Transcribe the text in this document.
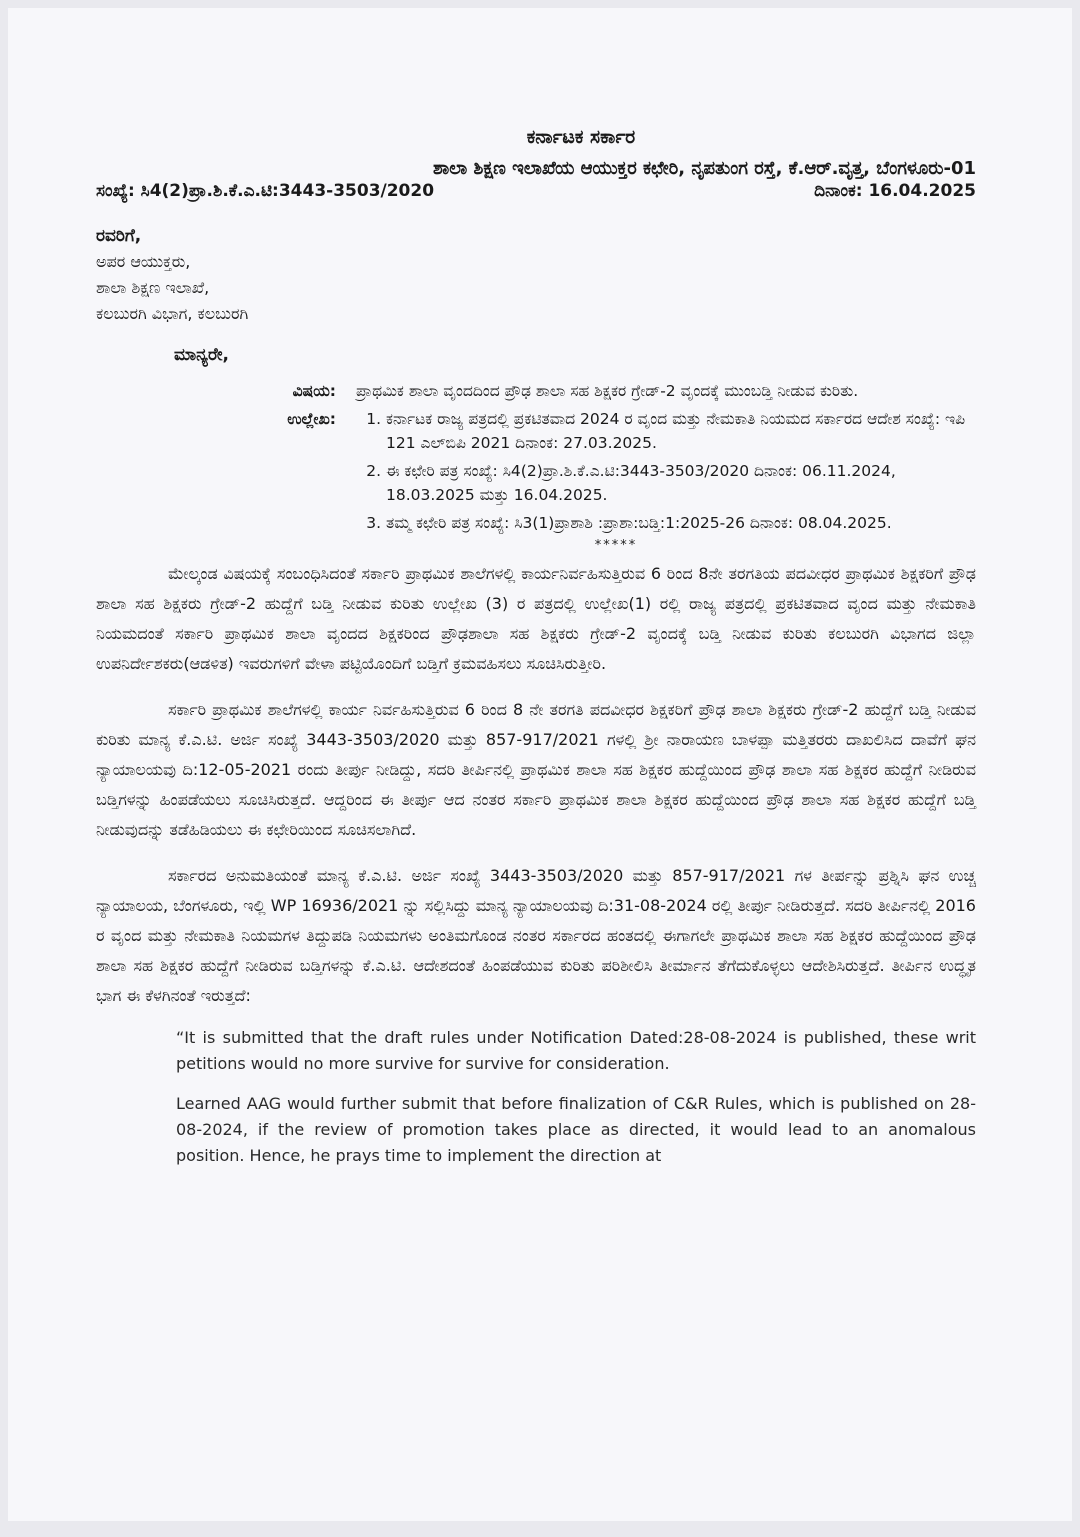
ಕರ್ನಾಟಕ ಸರ್ಕಾರ
ಶಾಲಾ ಶಿಕ್ಷಣ ಇಲಾಖೆಯ ಆಯುಕ್ತರ ಕಛೇರಿ, ನೃಪತುಂಗ ರಸ್ತೆ, ಕೆ.ಆರ್.ವೃತ್ತ, ಬೆಂಗಳೂರು-01
ಸಂಖ್ಯೆ: ಸಿ4(2)ಪ್ರಾ.ಶಿ.ಕೆ.ಎ.ಟಿ:3443-3503/2020	ದಿನಾಂಕ: 16.04.2025
ರವರಿಗೆ,
ಅಪರ ಆಯುಕ್ತರು,
ಶಾಲಾ ಶಿಕ್ಷಣ ಇಲಾಖೆ,
ಕಲಬುರಗಿ ವಿಭಾಗ, ಕಲಬುರಗಿ
ಮಾನ್ಯರೇ,
ವಿಷಯ:	ಪ್ರಾಥಮಿಕ ಶಾಲಾ ವೃಂದದಿಂದ ಪ್ರೌಢ ಶಾಲಾ ಸಹ ಶಿಕ್ಷಕರ ಗ್ರೇಡ್-2 ವೃಂದಕ್ಕೆ ಮುಂಬಡ್ತಿ ನೀಡುವ ಕುರಿತು.
ಉಲ್ಲೇಖ:
1.	ಕರ್ನಾಟಕ ರಾಜ್ಯ ಪತ್ರದಲ್ಲಿ ಪ್ರಕಟಿತವಾದ 2024 ರ ವೃಂದ ಮತ್ತು ನೇಮಕಾತಿ ನಿಯಮದ ಸರ್ಕಾರದ ಆದೇಶ ಸಂಖ್ಯೆ: ಇಪಿ 121 ಎಲ್‌ಬಿಪಿ 2021 ದಿನಾಂಕ: 27.03.2025.
2. ಈ ಕಛೇರಿ ಪತ್ರ ಸಂಖ್ಯೆ: ಸಿ4(2)ಪ್ರಾ.ಶಿ.ಕೆ.ಎ.ಟಿ:3443-3503/2020 ದಿನಾಂಕ: 06.11.2024, 18.03.2025 ಮತ್ತು 16.04.2025.
3. ತಮ್ಮ ಕಛೇರಿ ಪತ್ರ ಸಂಖ್ಯೆ: ಸಿ3(1)ಪ್ರಾಶಾಶಿ :ಪ್ರಾಶಾ:ಬಡ್ತಿ:1:2025-26 ದಿನಾಂಕ: 08.04.2025.
*****

ಮೇಲ್ಕಂಡ ವಿಷಯಕ್ಕೆ ಸಂಬಂಧಿಸಿದಂತೆ ಸರ್ಕಾರಿ ಪ್ರಾಥಮಿಕ ಶಾಲೆಗಳಲ್ಲಿ ಕಾರ್ಯನಿರ್ವಹಿಸುತ್ತಿರುವ 6 ರಿಂದ 8ನೇ ತರಗತಿಯ ಪದವೀಧರ ಪ್ರಾಥಮಿಕ ಶಿಕ್ಷಕರಿಗೆ ಪ್ರೌಢ ಶಾಲಾ ಸಹ ಶಿಕ್ಷಕರು ಗ್ರೇಡ್-2 ಹುದ್ದೆಗೆ ಬಡ್ತಿ ನೀಡುವ ಕುರಿತು ಉಲ್ಲೇಖ (3) ರ ಪತ್ರದಲ್ಲಿ ಉಲ್ಲೇಖ(1) ರಲ್ಲಿ ರಾಜ್ಯ ಪತ್ರದಲ್ಲಿ ಪ್ರಕಟಿತವಾದ ವೃಂದ ಮತ್ತು ನೇಮಕಾತಿ ನಿಯಮದಂತೆ ಸರ್ಕಾರಿ ಪ್ರಾಥಮಿಕ ಶಾಲಾ ವೃಂದದ ಶಿಕ್ಷಕರಿಂದ ಪ್ರೌಢಶಾಲಾ ಸಹ ಶಿಕ್ಷಕರು ಗ್ರೇಡ್-2 ವೃಂದಕ್ಕೆ ಬಡ್ತಿ ನೀಡುವ ಕುರಿತು ಕಲಬುರಗಿ ವಿಭಾಗದ ಜಿಲ್ಲಾ ಉಪನಿರ್ದೇಶಕರು(ಆಡಳಿತ) ಇವರುಗಳಿಗೆ ವೇಳಾ ಪಟ್ಟಿಯೊಂದಿಗೆ ಬಡ್ತಿಗೆ ಕ್ರಮವಹಿಸಲು ಸೂಚಿಸಿರುತ್ತೀರಿ.

ಸರ್ಕಾರಿ ಪ್ರಾಥಮಿಕ ಶಾಲೆಗಳಲ್ಲಿ ಕಾರ್ಯ ನಿರ್ವಹಿಸುತ್ತಿರುವ 6 ರಿಂದ 8 ನೇ ತರಗತಿ ಪದವೀಧರ ಶಿಕ್ಷಕರಿಗೆ ಪ್ರೌಢ ಶಾಲಾ ಶಿಕ್ಷಕರು ಗ್ರೇಡ್-2 ಹುದ್ದೆಗೆ ಬಡ್ತಿ ನೀಡುವ ಕುರಿತು ಮಾನ್ಯ ಕೆ.ಎ.ಟಿ. ಅರ್ಜಿ ಸಂಖ್ಯೆ 3443-3503/2020 ಮತ್ತು 857-917/2021 ಗಳಲ್ಲಿ ಶ್ರೀ ನಾರಾಯಣ ಬಾಳಪ್ಪಾ ಮತ್ತಿತರರು ದಾಖಲಿಸಿದ ದಾವೆಗೆ ಘನ ನ್ಯಾಯಾಲಯವು ದಿ:12-05-2021 ರಂದು ತೀರ್ಪು ನೀಡಿದ್ದು, ಸದರಿ ತೀರ್ಪಿನಲ್ಲಿ ಪ್ರಾಥಮಿಕ ಶಾಲಾ ಸಹ ಶಿಕ್ಷಕರ ಹುದ್ದೆಯಿಂದ ಪ್ರೌಢ ಶಾಲಾ ಸಹ ಶಿಕ್ಷಕರ ಹುದ್ದೆಗೆ ನೀಡಿರುವ ಬಡ್ತಿಗಳನ್ನು ಹಿಂಪಡೆಯಲು ಸೂಚಿಸಿರುತ್ತದೆ. ಆದ್ದರಿಂದ ಈ ತೀರ್ಪು ಆದ ನಂತರ ಸರ್ಕಾರಿ ಪ್ರಾಥಮಿಕ ಶಾಲಾ ಶಿಕ್ಷಕರ ಹುದ್ದೆಯಿಂದ ಪ್ರೌಢ ಶಾಲಾ ಸಹ ಶಿಕ್ಷಕರ ಹುದ್ದೆಗೆ ಬಡ್ತಿ ನೀಡುವುದನ್ನು ತಡೆಹಿಡಿಯಲು ಈ ಕಛೇರಿಯಿಂದ ಸೂಚಿಸಲಾಗಿದೆ.

ಸರ್ಕಾರದ ಅನುಮತಿಯಂತೆ ಮಾನ್ಯ ಕೆ.ಎ.ಟಿ. ಅರ್ಜಿ ಸಂಖ್ಯೆ 3443-3503/2020 ಮತ್ತು 857-917/2021 ಗಳ ತೀರ್ಪನ್ನು ಪ್ರಶ್ನಿಸಿ ಘನ ಉಚ್ಚ ನ್ಯಾಯಾಲಯ, ಬೆಂಗಳೂರು, ಇಲ್ಲಿ WP 16936/2021 ನ್ನು ಸಲ್ಲಿಸಿದ್ದು ಮಾನ್ಯ ನ್ಯಾಯಾಲಯವು ದಿ:31-08-2024 ರಲ್ಲಿ ತೀರ್ಪು ನೀಡಿರುತ್ತದೆ. ಸದರಿ ತೀರ್ಪಿನಲ್ಲಿ 2016 ರ ವೃಂದ ಮತ್ತು ನೇಮಕಾತಿ ನಿಯಮಗಳ ತಿದ್ದುಪಡಿ ನಿಯಮಗಳು ಅಂತಿಮಗೊಂಡ ನಂತರ ಸರ್ಕಾರದ ಹಂತದಲ್ಲಿ ಈಗಾಗಲೇ ಪ್ರಾಥಮಿಕ ಶಾಲಾ ಸಹ ಶಿಕ್ಷಕರ ಹುದ್ದೆಯಿಂದ ಪ್ರೌಢ ಶಾಲಾ ಸಹ ಶಿಕ್ಷಕರ ಹುದ್ದೆಗೆ ನೀಡಿರುವ ಬಡ್ತಿಗಳನ್ನು ಕೆ.ಎ.ಟಿ. ಆದೇಶದಂತೆ ಹಿಂಪಡೆಯುವ ಕುರಿತು ಪರಿಶೀಲಿಸಿ ತೀರ್ಮಾನ ತೆಗೆದುಕೊಳ್ಳಲು ಆದೇಶಿಸಿರುತ್ತದೆ. ತೀರ್ಪಿನ ಉದ್ಧೃತ ಭಾಗ ಈ ಕೆಳಗಿನಂತೆ ಇರುತ್ತದೆ:

“It is submitted that the draft rules under Notification Dated:28-08-2024 is published, these writ petitions would no more survive for survive for consideration.

Learned AAG would further submit that before finalization of C&R Rules, which is published on 28-08-2024, if the review of promotion takes place as directed, it would lead to an anomalous position. Hence, he prays time to implement the direction at
